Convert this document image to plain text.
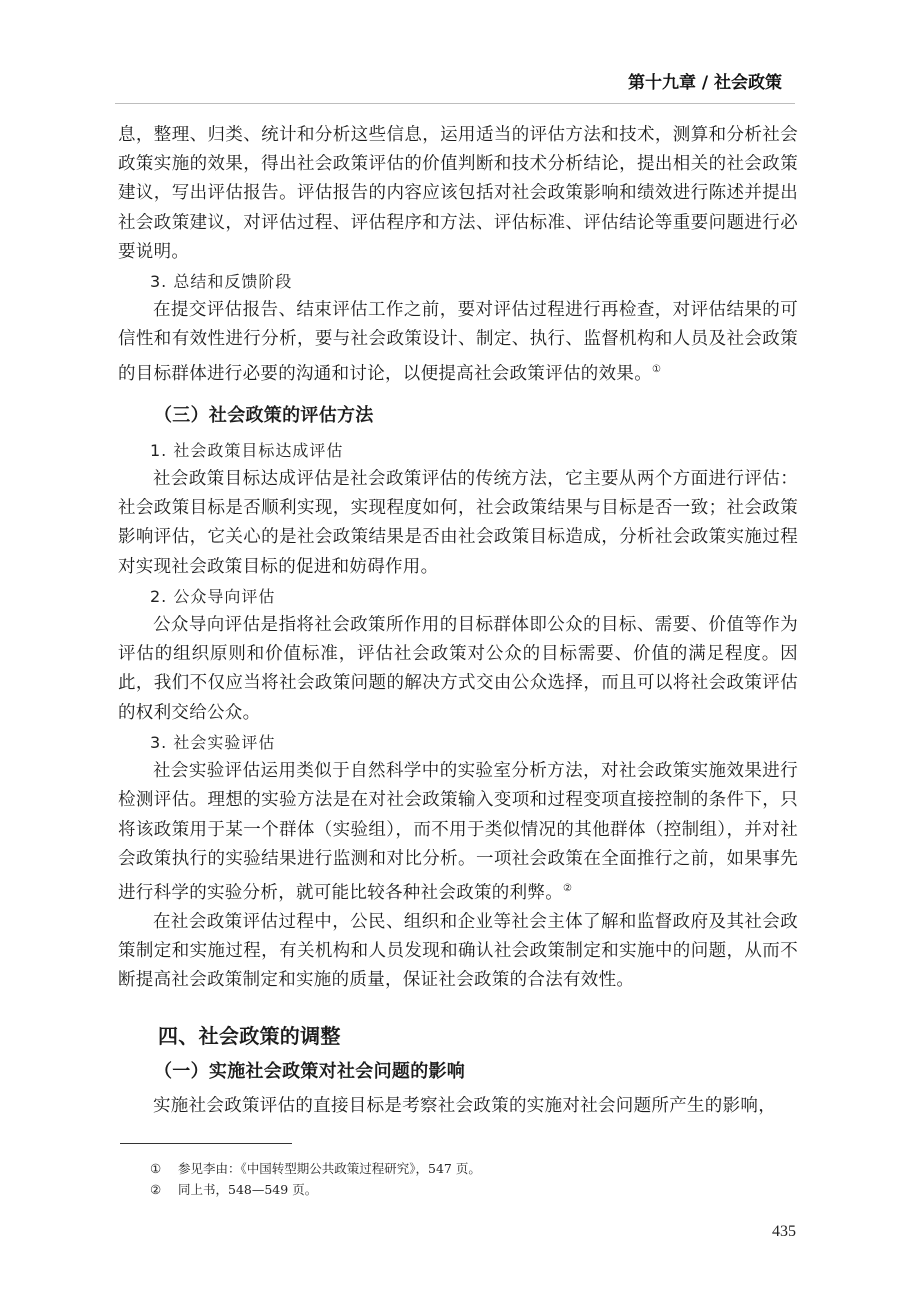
第十九章 / 社会政策

息，整理、归类、统计和分析这些信息，运用适当的评估方法和技术，测算和分析社会政策实施的效果，得出社会政策评估的价值判断和技术分析结论，提出相关的社会政策建议，写出评估报告。评估报告的内容应该包括对社会政策影响和绩效进行陈述并提出社会政策建议，对评估过程、评估程序和方法、评估标准、评估结论等重要问题进行必要说明。

3. 总结和反馈阶段

在提交评估报告、结束评估工作之前，要对评估过程进行再检查，对评估结果的可信性和有效性进行分析，要与社会政策设计、制定、执行、监督机构和人员及社会政策的目标群体进行必要的沟通和讨论，以便提高社会政策评估的效果。①

（三）社会政策的评估方法

1. 社会政策目标达成评估

社会政策目标达成评估是社会政策评估的传统方法，它主要从两个方面进行评估：社会政策目标是否顺利实现，实现程度如何，社会政策结果与目标是否一致；社会政策影响评估，它关心的是社会政策结果是否由社会政策目标造成，分析社会政策实施过程对实现社会政策目标的促进和妨碍作用。

2. 公众导向评估

公众导向评估是指将社会政策所作用的目标群体即公众的目标、需要、价值等作为评估的组织原则和价值标准，评估社会政策对公众的目标需要、价值的满足程度。因此，我们不仅应当将社会政策问题的解决方式交由公众选择，而且可以将社会政策评估的权利交给公众。

3. 社会实验评估

社会实验评估运用类似于自然科学中的实验室分析方法，对社会政策实施效果进行检测评估。理想的实验方法是在对社会政策输入变项和过程变项直接控制的条件下，只将该政策用于某一个群体（实验组），而不用于类似情况的其他群体（控制组），并对社会政策执行的实验结果进行监测和对比分析。一项社会政策在全面推行之前，如果事先进行科学的实验分析，就可能比较各种社会政策的利弊。②

在社会政策评估过程中，公民、组织和企业等社会主体了解和监督政府及其社会政策制定和实施过程，有关机构和人员发现和确认社会政策制定和实施中的问题，从而不断提高社会政策制定和实施的质量，保证社会政策的合法有效性。

四、社会政策的调整
（一）实施社会政策对社会问题的影响

实施社会政策评估的直接目标是考察社会政策的实施对社会问题所产生的影响，

① 参见李由：《中国转型期公共政策过程研究》，547 页。
② 同上书，548—549 页。
435
